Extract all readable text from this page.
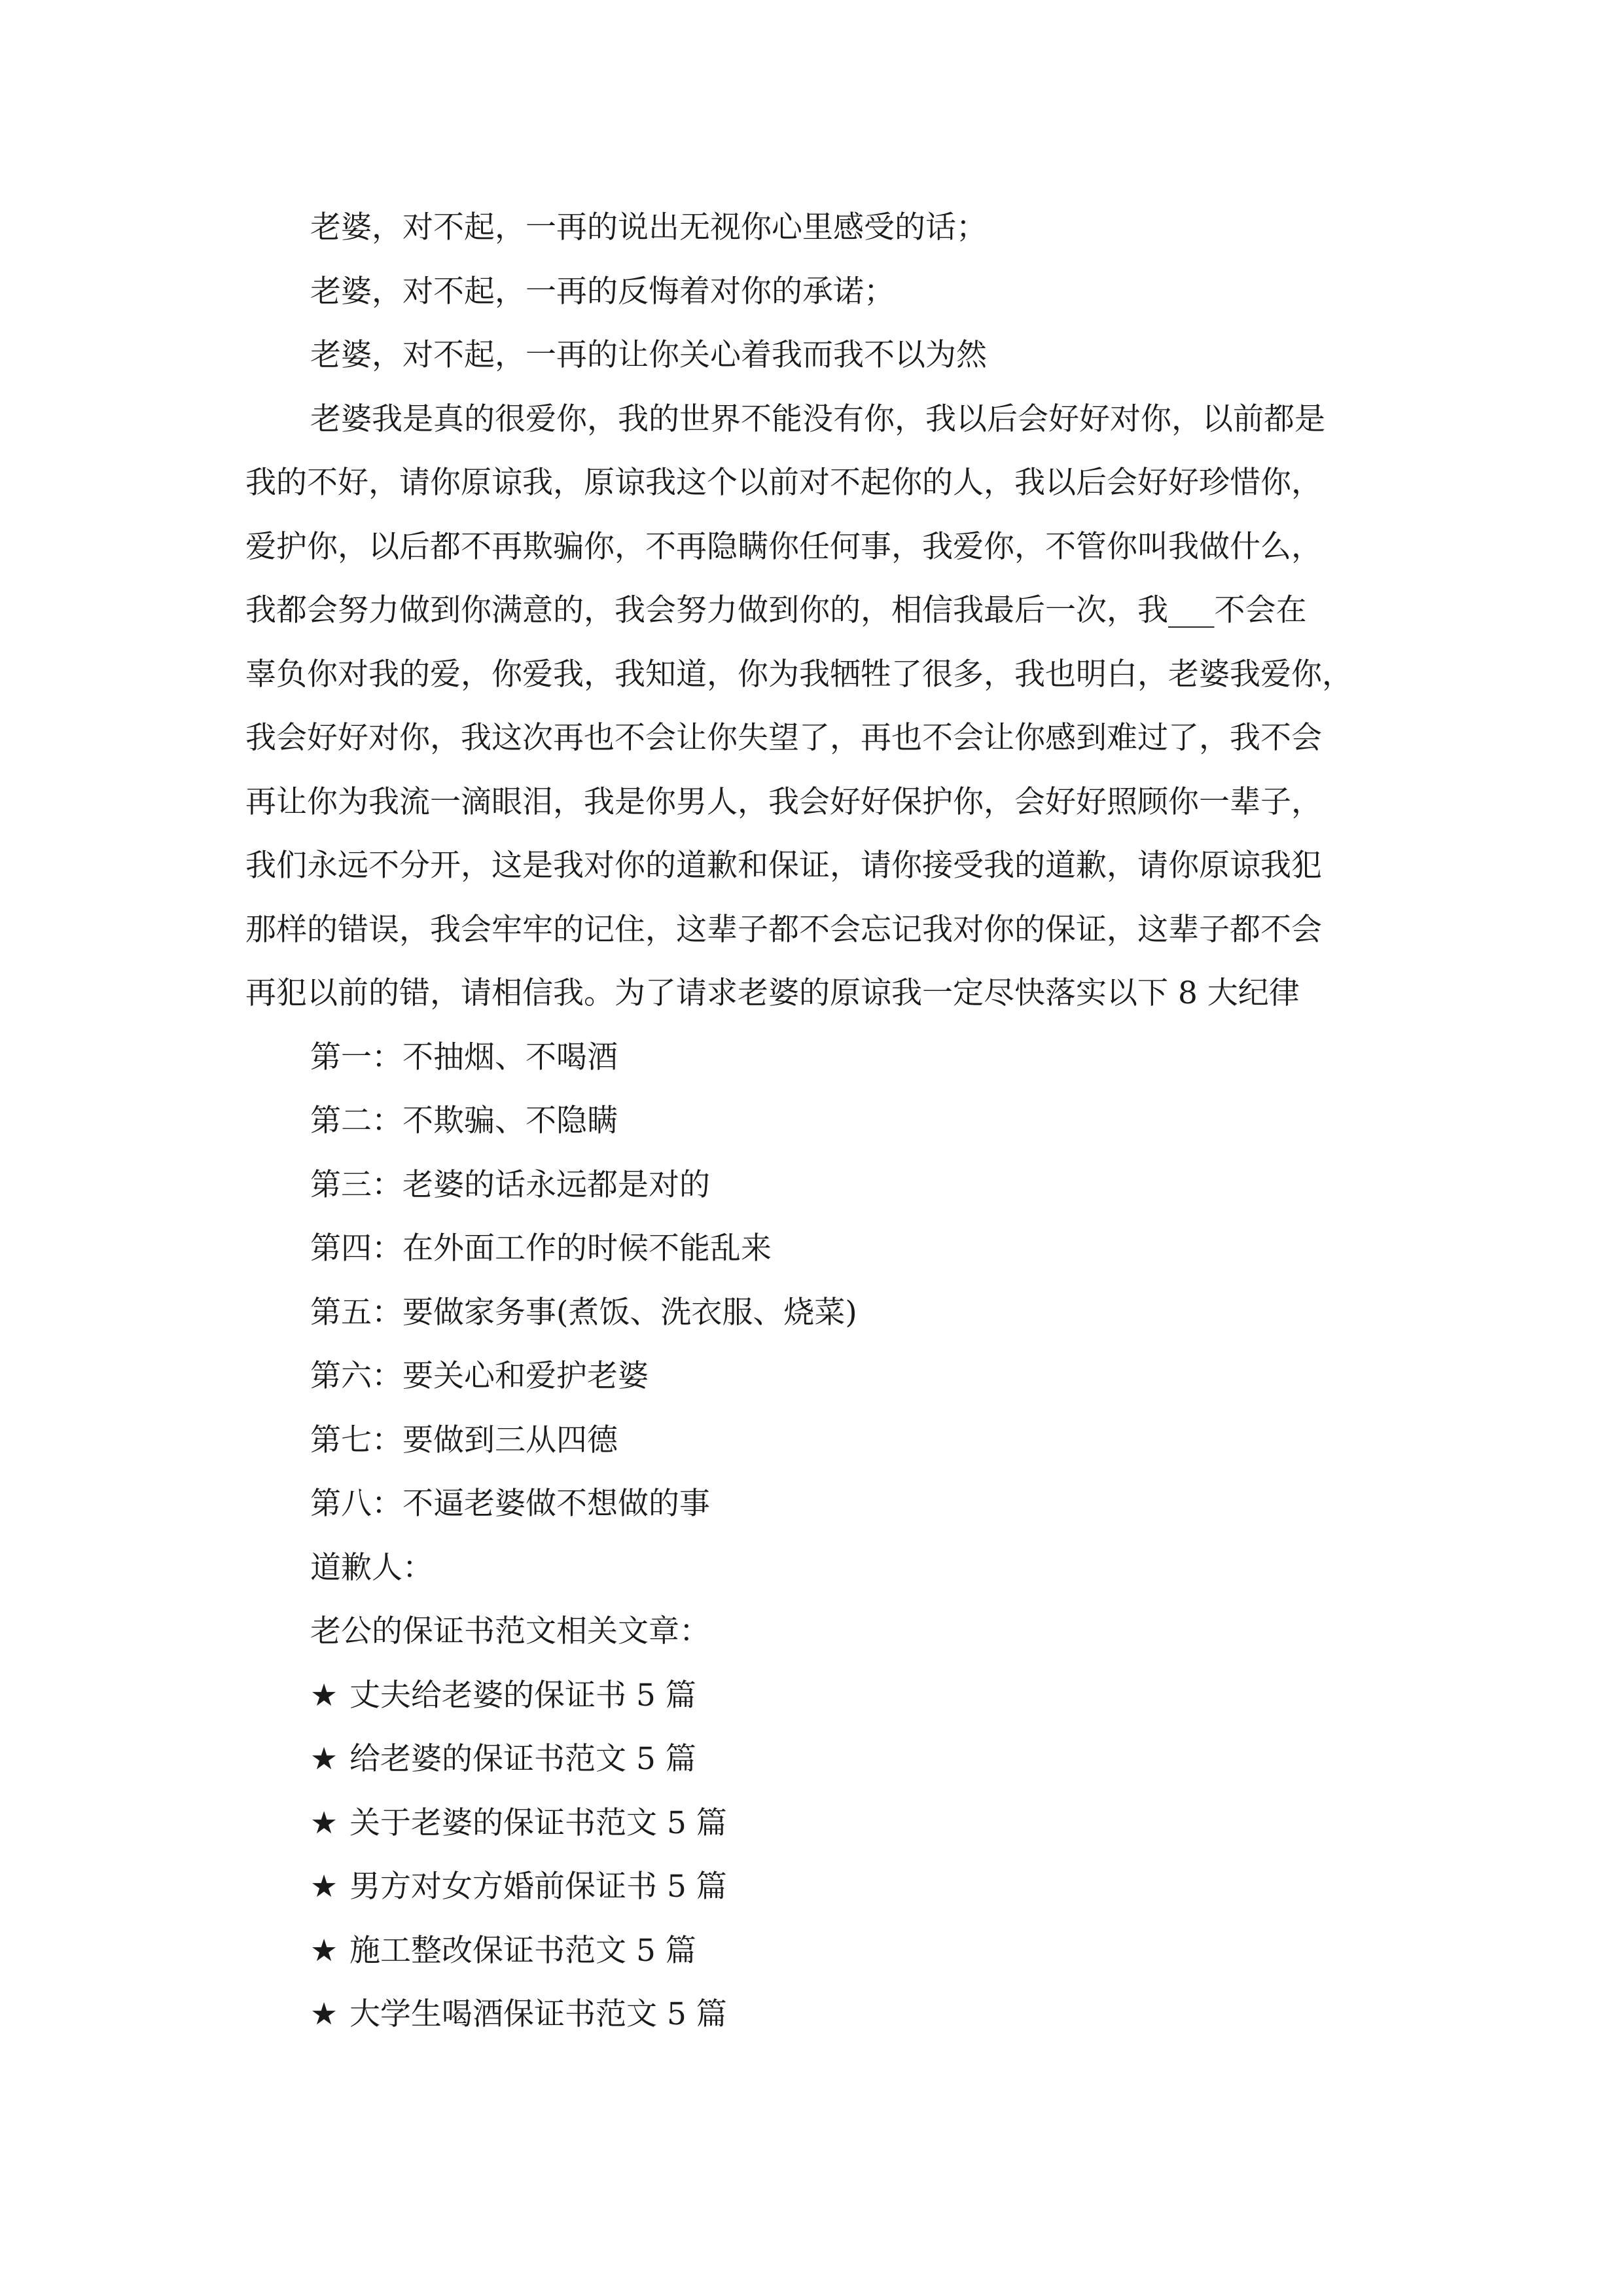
老婆，对不起，一再的说出无视你心里感受的话；
老婆，对不起，一再的反悔着对你的承诺；
老婆，对不起，一再的让你关心着我而我不以为然
老婆我是真的很爱你，我的世界不能没有你，我以后会好好对你，以前都是
我的不好，请你原谅我，原谅我这个以前对不起你的人，我以后会好好珍惜你，
爱护你，以后都不再欺骗你，不再隐瞒你任何事，我爱你，不管你叫我做什么，
我都会努力做到你满意的，我会努力做到你的，相信我最后一次，我___不会在
辜负你对我的爱，你爱我，我知道，你为我牺牲了很多，我也明白，老婆我爱你，
我会好好对你，我这次再也不会让你失望了，再也不会让你感到难过了，我不会
再让你为我流一滴眼泪，我是你男人，我会好好保护你，会好好照顾你一辈子，
我们永远不分开，这是我对你的道歉和保证，请你接受我的道歉，请你原谅我犯
那样的错误，我会牢牢的记住，这辈子都不会忘记我对你的保证，这辈子都不会
再犯以前的错，请相信我。为了请求老婆的原谅我一定尽快落实以下 8 大纪律
第一：不抽烟、不喝酒
第二：不欺骗、不隐瞒
第三：老婆的话永远都是对的
第四：在外面工作的时候不能乱来
第五：要做家务事(煮饭、洗衣服、烧菜)
第六：要关心和爱护老婆
第七：要做到三从四德
第八：不逼老婆做不想做的事
道歉人：
老公的保证书范文相关文章：
★ 丈夫给老婆的保证书 5 篇
★ 给老婆的保证书范文 5 篇
★ 关于老婆的保证书范文 5 篇
★ 男方对女方婚前保证书 5 篇
★ 施工整改保证书范文 5 篇
★ 大学生喝酒保证书范文 5 篇
